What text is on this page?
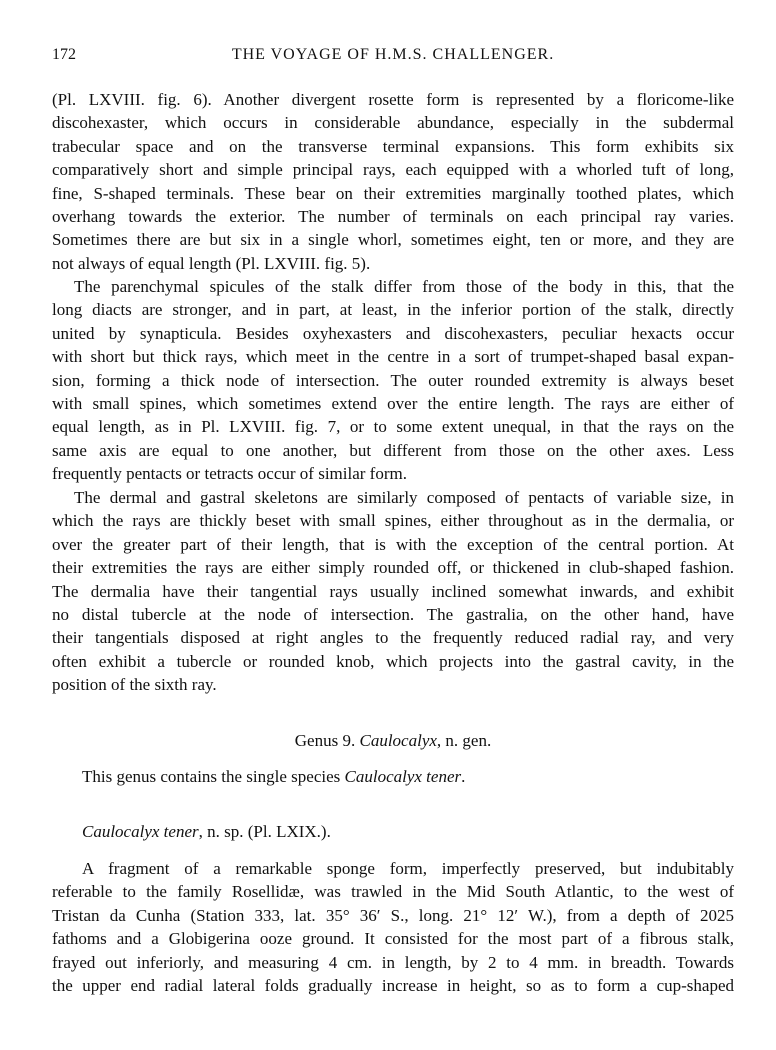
172	THE VOYAGE OF H.M.S. CHALLENGER.
(Pl. LXVIII. fig. 6). Another divergent rosette form is represented by a floricome-like
discohexaster, which occurs in considerable abundance, especially in the subdermal
trabecular space and on the transverse terminal expansions. This form exhibits six
comparatively short and simple principal rays, each equipped with a whorled tuft of long,
fine, S-shaped terminals. These bear on their extremities marginally toothed plates, which
overhang towards the exterior. The number of terminals on each principal ray varies.
Sometimes there are but six in a single whorl, sometimes eight, ten or more, and they are
not always of equal length (Pl. LXVIII. fig. 5).
The parenchymal spicules of the stalk differ from those of the body in this, that the
long diacts are stronger, and in part, at least, in the inferior portion of the stalk, directly
united by synapticula. Besides oxyhexasters and discohexasters, peculiar hexacts occur
with short but thick rays, which meet in the centre in a sort of trumpet-shaped basal expan-
sion, forming a thick node of intersection. The outer rounded extremity is always beset
with small spines, which sometimes extend over the entire length. The rays are either of
equal length, as in Pl. LXVIII. fig. 7, or to some extent unequal, in that the rays on the
same axis are equal to one another, but different from those on the other axes. Less
frequently pentacts or tetracts occur of similar form.
The dermal and gastral skeletons are similarly composed of pentacts of variable size, in
which the rays are thickly beset with small spines, either throughout as in the dermalia, or
over the greater part of their length, that is with the exception of the central portion. At
their extremities the rays are either simply rounded off, or thickened in club-shaped fashion.
The dermalia have their tangential rays usually inclined somewhat inwards, and exhibit
no distal tubercle at the node of intersection. The gastralia, on the other hand, have
their tangentials disposed at right angles to the frequently reduced radial ray, and very
often exhibit a tubercle or rounded knob, which projects into the gastral cavity, in the
position of the sixth ray.
Genus 9. Caulocalyx, n. gen.
This genus contains the single species Caulocalyx tener.
Caulocalyx tener, n. sp. (Pl. LXIX.).
A fragment of a remarkable sponge form, imperfectly preserved, but indubitably
referable to the family Rosellidæ, was trawled in the Mid South Atlantic, to the west of
Tristan da Cunha (Station 333, lat. 35° 36′ S., long. 21° 12′ W.), from a depth of 2025
fathoms and a Globigerina ooze ground. It consisted for the most part of a fibrous stalk,
frayed out inferiorly, and measuring 4 cm. in length, by 2 to 4 mm. in breadth. Towards
the upper end radial lateral folds gradually increase in height, so as to form a cup-shaped
